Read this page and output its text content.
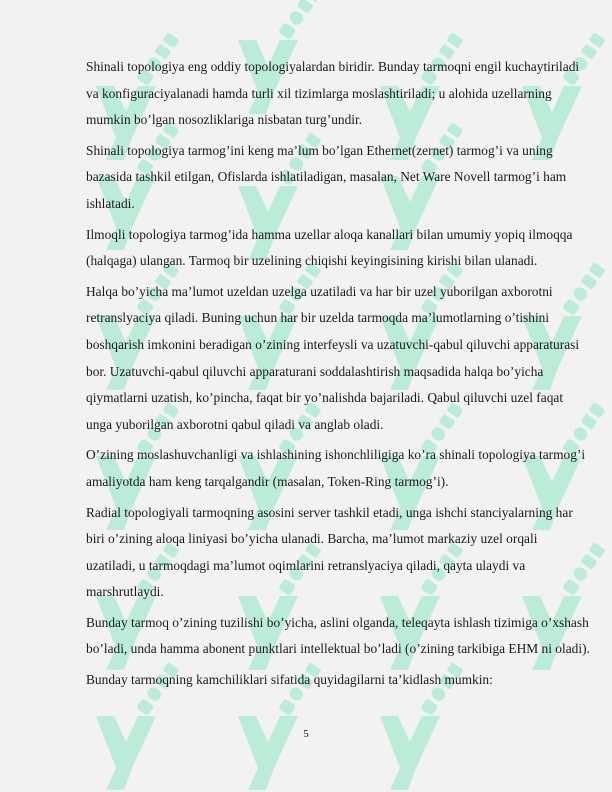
Shinali topologiya eng oddiy topologiyalardan biridir. Bunday tarmoqni engil kuchaytiriladi va konfiguraciyalanadi hamda turli xil tizimlarga moslashtiriladi; u alohida uzellarning mumkin bo’lgan nosozliklariga nisbatan turg’undir.

Shinali topologiya tarmog’ini keng ma’lum bo’lgan Ethernet(zernet) tarmog’i va uning bazasida tashkil etilgan, Ofislarda ishlatiladigan, masalan, Net Ware Novell tarmog’i ham ishlatadi.

Ilmoqli topologiya tarmog’ida hamma uzellar aloqa kanallari bilan umumiy yopiq ilmoqqa (halqaga) ulangan. Tarmoq bir uzelining chiqishi keyingisining kirishi bilan ulanadi.

Halqa bo’yicha ma’lumot uzeldan uzelga uzatiladi va har bir uzel yuborilgan axborotni retranslyaciya qiladi. Buning uchun har bir uzelda tarmoqda ma’lumotlarning o’tishini boshqarish imkonini beradigan o’zining interfeysli va uzatuvchi-qabul qiluvchi apparaturasi bor. Uzatuvchi-qabul qiluvchi apparaturani soddalashtirish maqsadida halqa bo’yicha qiymatlarni uzatish, ko’pincha, faqat bir yo’nalishda bajariladi. Qabul qiluvchi uzel faqat unga yuborilgan axborotni qabul qiladi va anglab oladi.

O’zining moslashuvchanligi va ishlashining ishonchliligiga ko’ra shinali topologiya tarmog’i amaliyotda ham keng tarqalgandir (masalan, Token-Ring tarmog’i).

Radial topologiyali tarmoqning asosini server tashkil etadi, unga ishchi stanciyalarning har biri o’zining aloqa liniyasi bo’yicha ulanadi. Barcha, ma’lumot markaziy uzel orqali uzatiladi, u tarmoqdagi ma’lumot oqimlarini retranslyaciya qiladi, qayta ulaydi va marshrutlaydi.

Bunday tarmoq o’zining tuzilishi bo’yicha, aslini olganda, teleqayta ishlash tizimiga o’xshash bo’ladi, unda hamma abonent punktlari intellektual bo’ladi (o’zining tarkibiga EHM ni oladi).

Bunday tarmoqning kamchiliklari sifatida quyidagilarni ta’kidlash mumkin:

5
